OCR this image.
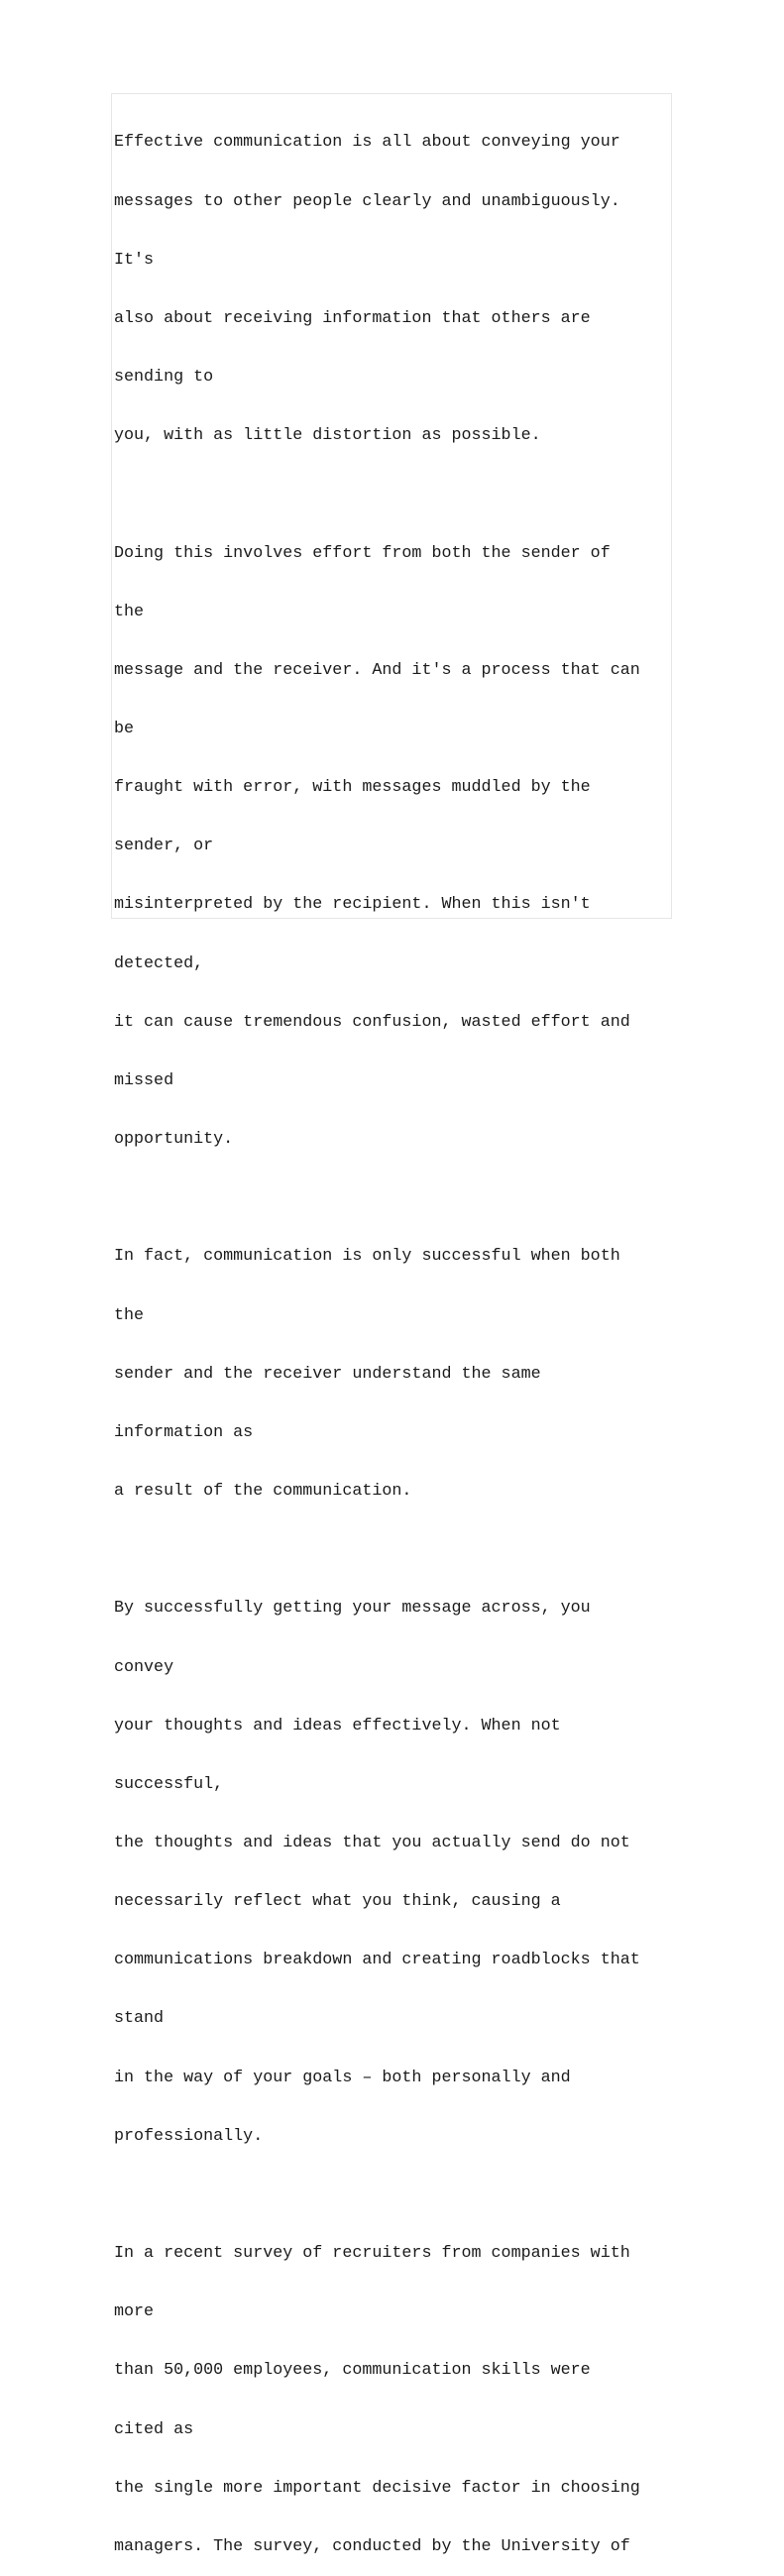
Effective communication is all about conveying your

messages to other people clearly and unambiguously.

It's

also about receiving information that others are

sending to

you, with as little distortion as possible.

Doing this involves effort from both the sender of

the

message and the receiver. And it's a process that can

be

fraught with error, with messages muddled by the

sender, or

misinterpreted by the recipient. When this isn't

detected,

it can cause tremendous confusion, wasted effort and

missed

opportunity.

In fact, communication is only successful when both

the

sender and the receiver understand the same

information as

a result of the communication.

By successfully getting your message across, you

convey

your thoughts and ideas effectively. When not

successful,

the thoughts and ideas that you actually send do not

necessarily reflect what you think, causing a

communications breakdown and creating roadblocks that

stand

in the way of your goals – both personally and

professionally.

In a recent survey of recruiters from companies with

more

than 50,000 employees, communication skills were

cited as

the single more important decisive factor in choosing

managers. The survey, conducted by the University of
